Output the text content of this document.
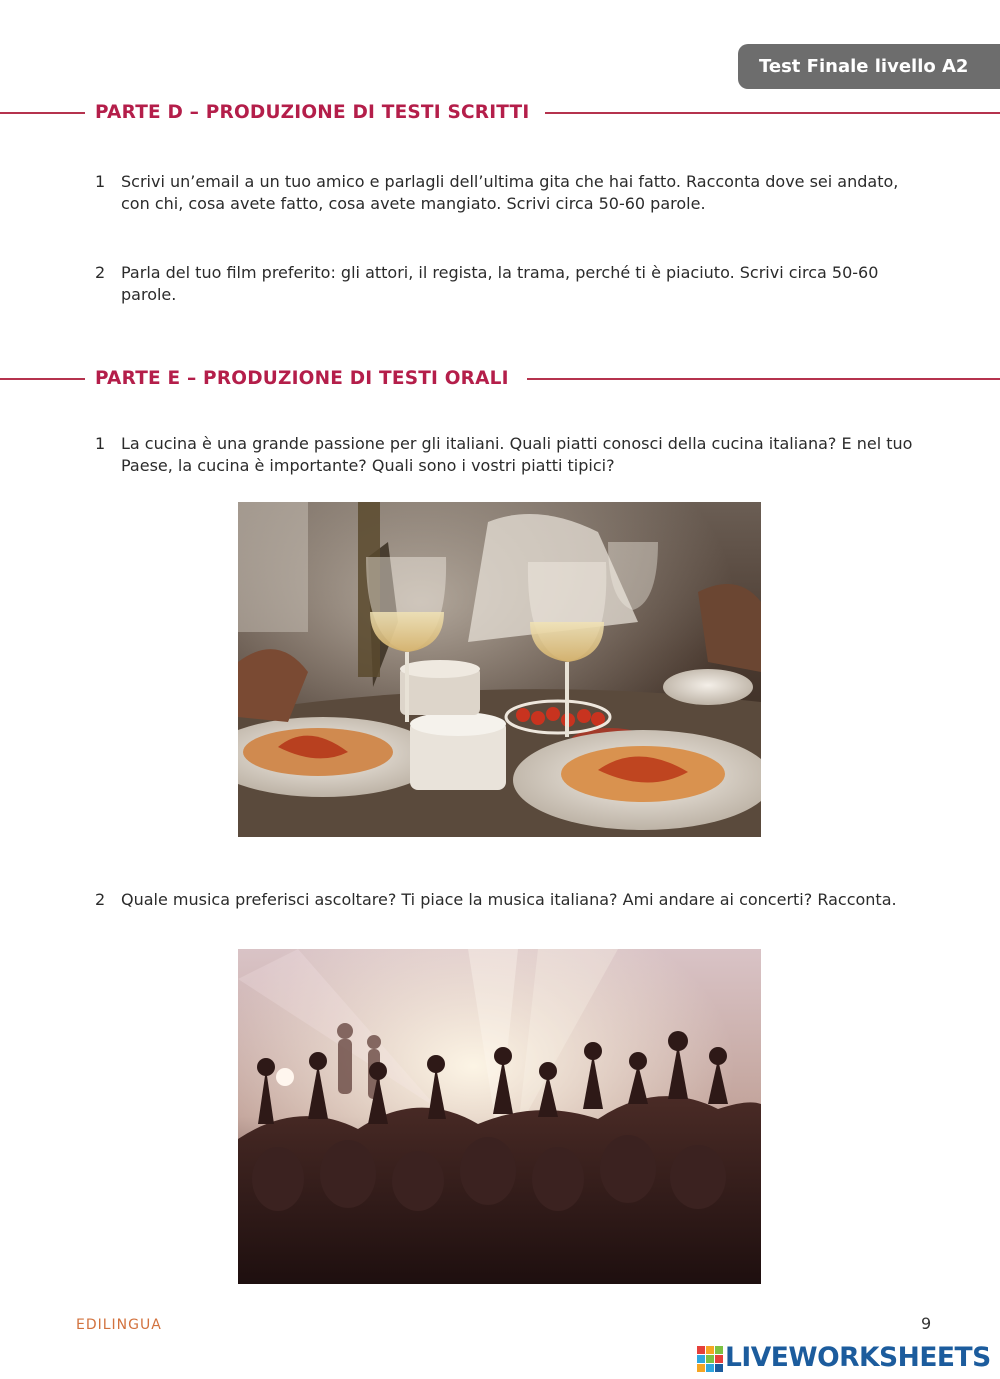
Test Finale livello A2
PARTE D – PRODUZIONE DI TESTI SCRITTI
1 Scrivi un’email a un tuo amico e parlagli dell’ultima gita che hai fatto. Racconta dove sei andato, con chi, cosa avete fatto, cosa avete mangiato. Scrivi circa 50-60 parole.
2 Parla del tuo film preferito: gli attori, il regista, la trama, perché ti è piaciuto. Scrivi circa 50-60 parole.
PARTE E – PRODUZIONE DI TESTI ORALI
1 La cucina è una grande passione per gli italiani. Quali piatti conosci della cucina italiana? E nel tuo Paese, la cucina è importante? Quali sono i vostri piatti tipici?
2 Quale musica preferisci ascoltare? Ti piace la musica italiana? Ami andare ai concerti? Racconta.
EDILINGUA	9
LIVEWORKSHEETS
